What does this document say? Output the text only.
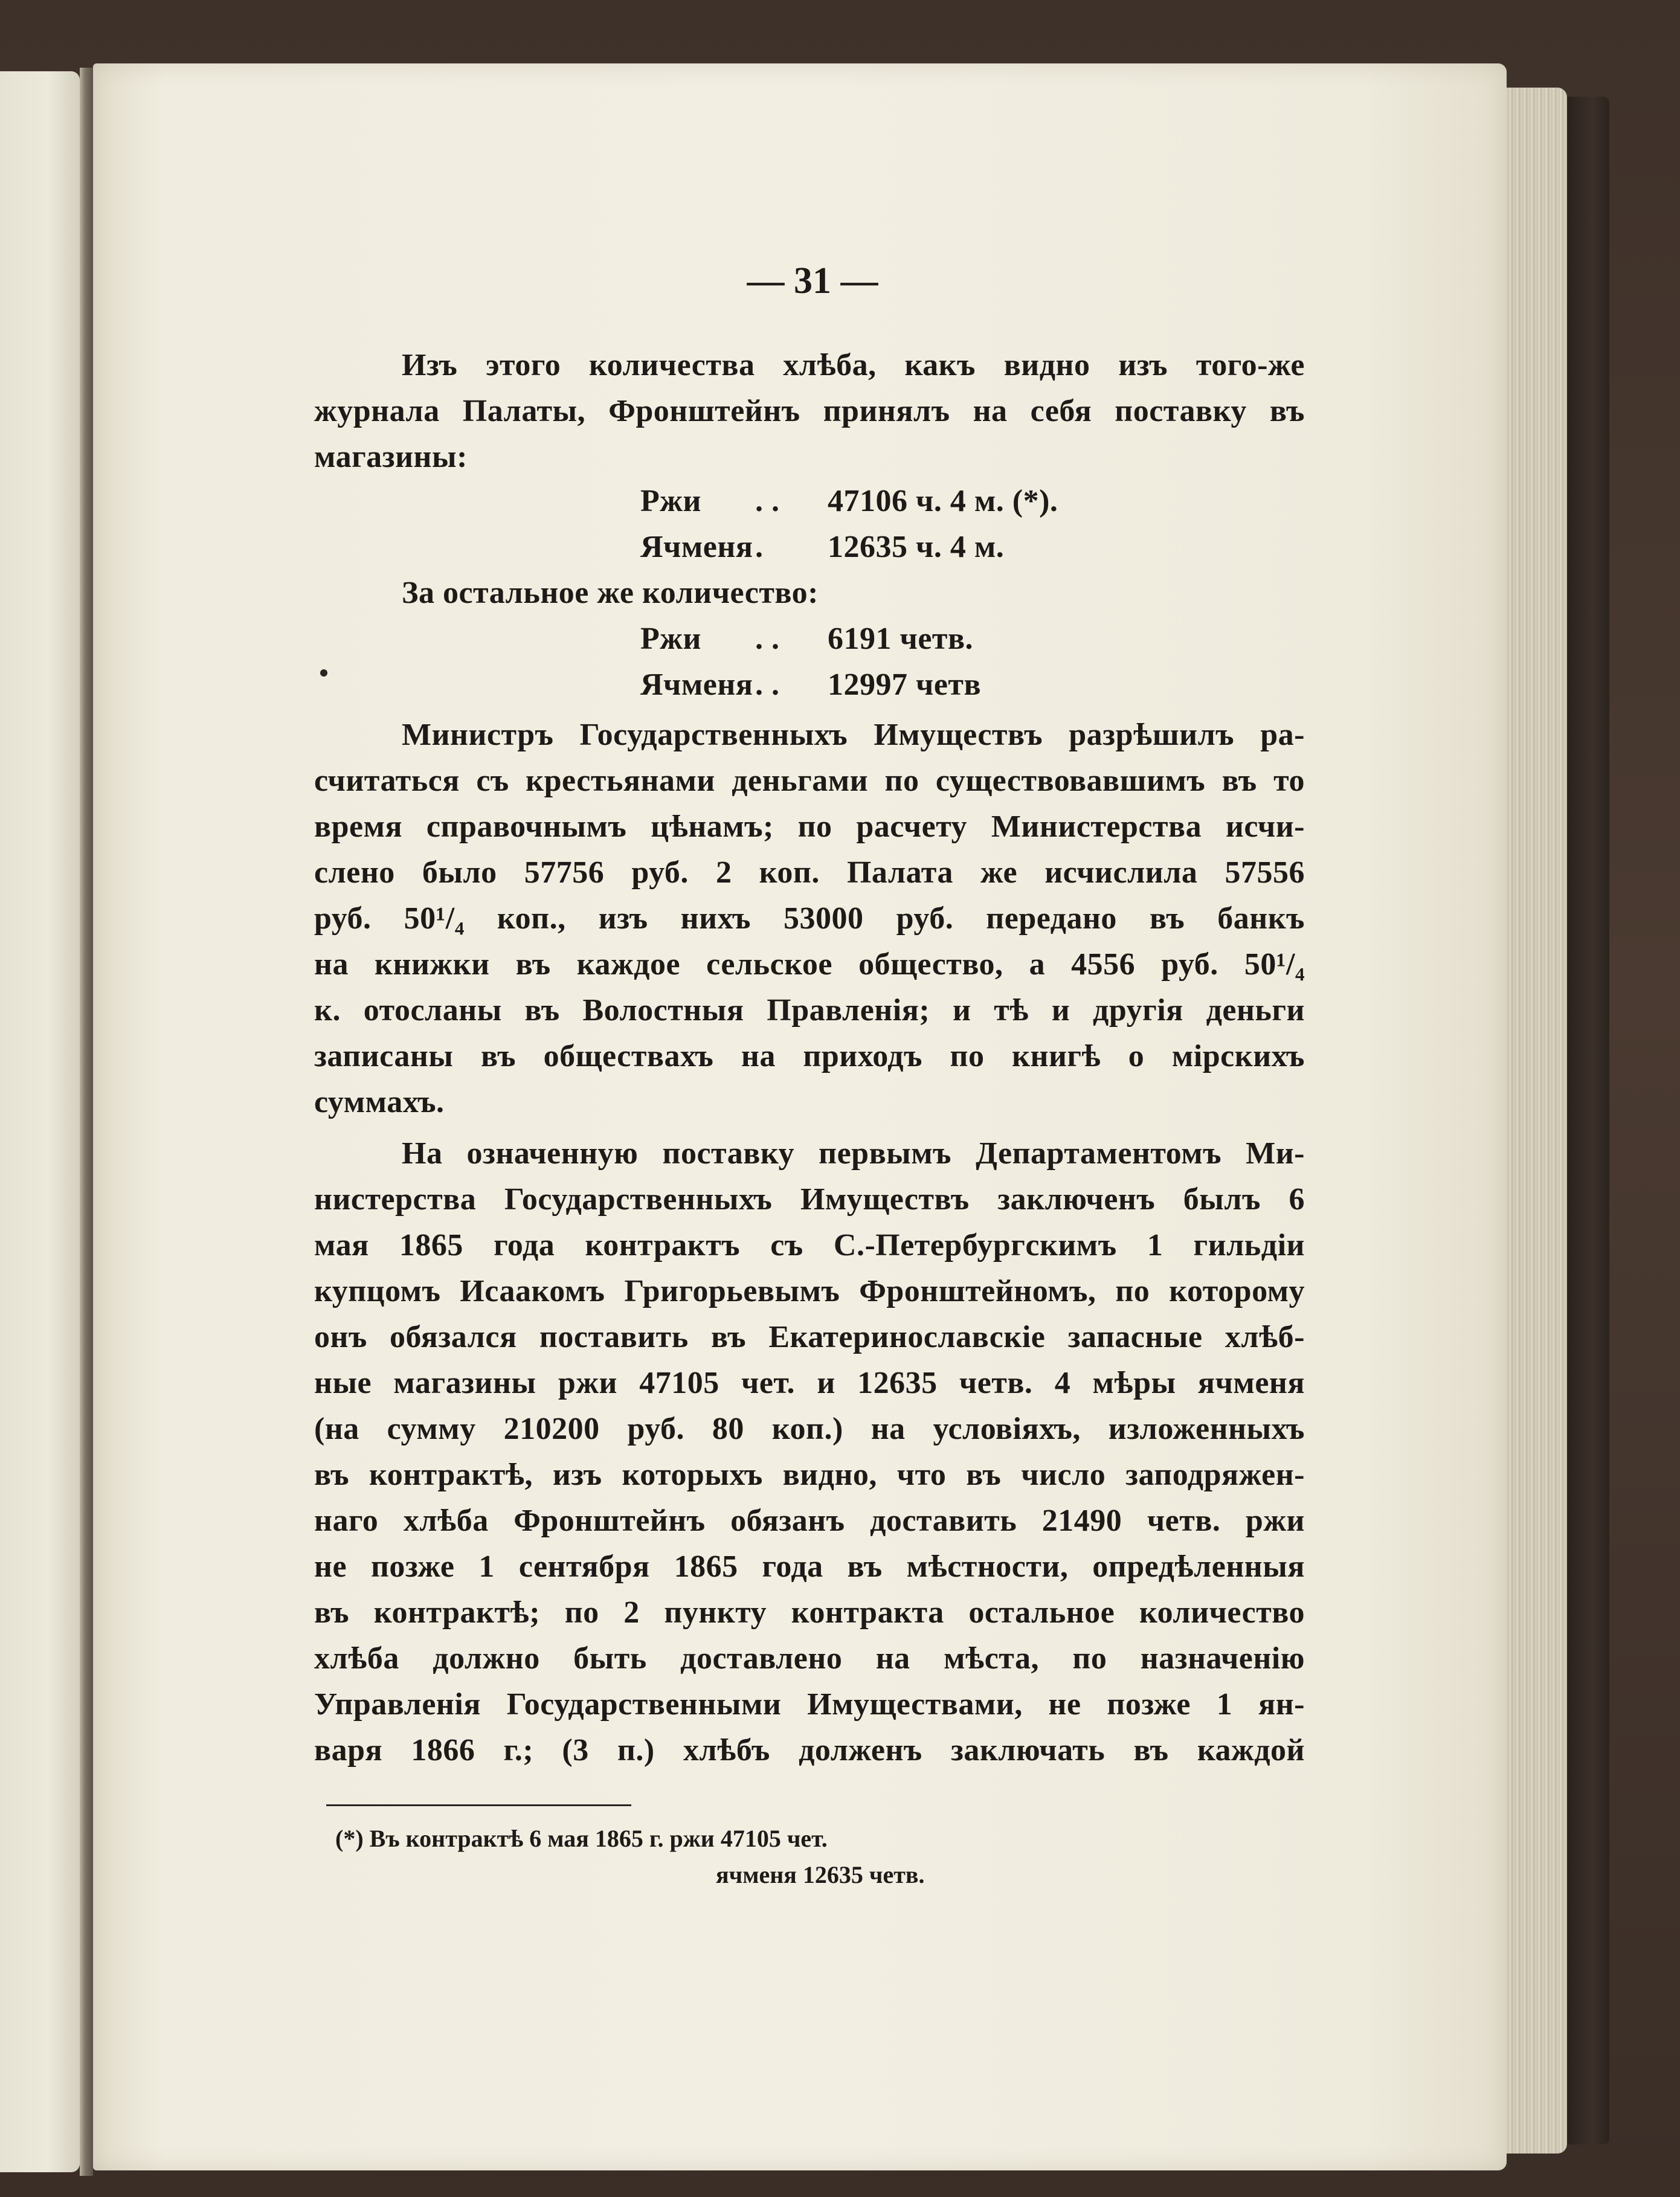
— 31 —
Изъ этого количества хлѣба, какъ видно изъ того-же
журнала Палаты, Фронштейнъ принялъ на себя поставку въ
магазины:
Ржи . . 47106 ч. 4 м. (*).
Ячменя. 12635 ч. 4 м.
За остальное же количество:
Ржи . . 6191 четв.
Ячменя. . 12997 четв
Министръ Государственныхъ Имуществъ разрѣшилъ ра-
считаться съ крестьянами деньгами по существовавшимъ въ то
время справочнымъ цѣнамъ; по расчету Министерства исчи-
слено было 57756 руб. 2 коп. Палата же исчислила 57556
руб. 50¹/₄ коп., изъ нихъ 53000 руб. передано въ банкъ
на книжки въ каждое сельское общество, а 4556 руб. 50¹/₄
к. отосланы въ Волостныя Правленія; и тѣ и другія деньги
записаны въ обществахъ на приходъ по книгѣ о мірскихъ
суммахъ.
На означенную поставку первымъ Департаментомъ Ми-
нистерства Государственныхъ Имуществъ заключенъ былъ 6
мая 1865 года контрактъ съ С.-Петербургскимъ 1 гильдіи
купцомъ Исаакомъ Григорьевымъ Фронштейномъ, по которому
онъ обязался поставить въ Екатеринославскіе запасные хлѣб-
ные магазины ржи 47105 чет. и 12635 четв. 4 мѣры ячменя
(на сумму 210200 руб. 80 коп.) на условіяхъ, изложенныхъ
въ контрактѣ, изъ которыхъ видно, что въ число заподряжен-
наго хлѣба Фронштейнъ обязанъ доставить 21490 четв. ржи
не позже 1 сентября 1865 года въ мѣстности, опредѣленныя
въ контрактѣ; по 2 пункту контракта остальное количество
хлѣба должно быть доставлено на мѣста, по назначенію
Управленія Государственными Имуществами, не позже 1 ян-
варя 1866 г.; (3 п.) хлѣбъ долженъ заключать въ каждой
(*) Въ контрактѣ 6 мая 1865 г. ржи 47105 чет.
ячменя 12635 четв.
